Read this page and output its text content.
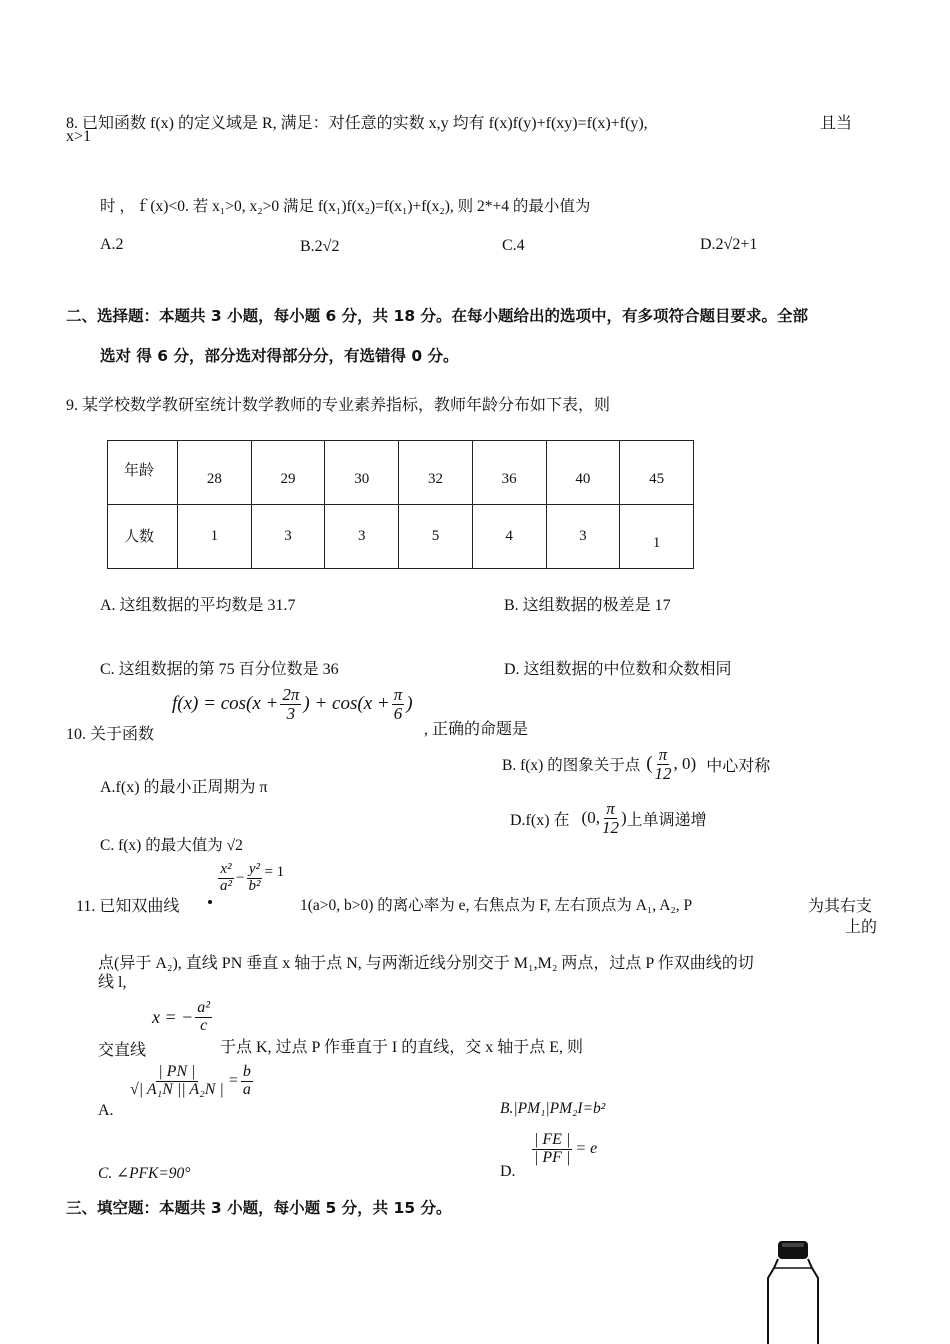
8. 已知函数 f(x) 的定义域是 R, 满足：对任意的实数 x,y 均有 f(x)f(y)+f(xy)=f(x)+f(y),	且当
x>1
时 ，ｆ(x)<0. 若 x₁>0, x₂>0 满足 f(x₁)f(x₂)=f(x₁)+f(x₂), 则 2*+4 的最小值为
A.2	B.2√2	C.4	D.2√2+1
二、选择题：本题共 3 小题，每小题 6 分，共 18 分。在每小题给出的选项中，有多项符合题目要求。全部
选对 得 6 分，部分选对得部分分，有选错得 0 分。
9. 某学校数学教研室统计数学教师的专业素养指标，教师年龄分布如下表，则
年龄	28	29	30	32	36	40	45
人数	1	3	3	5	4	3	1
A. 这组数据的平均数是 31.7	B. 这组数据的极差是 17
C. 这组数据的第 75 百分位数是 36	D. 这组数据的中位数和众数相同
10. 关于函数
$f(x) = \cos(x + \frac{2\pi}{3}$ ) + $\cos(x + \frac{\pi}{6}$ )
, 正确的命题是
A.f(x) 的最小正周期为 π
B. f(x) 的图象关于点 ( $\frac{\pi}{12}$ , 0) 中心对称
C. f(x) 的最大值为 √2
D.f(x) 在 (0, $\frac{\pi}{12}$ ) 上单调递增
11. 已知双曲线
$\frac{\text{x²}}{\text{a²}} - \frac{\text{y²}}{\text{b²}} = 1$
1(a>0, b>0) 的离心率为 e, 右焦点为 F, 左右顶点为 A₁, A₂, P	为其右支
上的
点(异于 A₂), 直线 PN 垂直 x 轴于点 N, 与两渐近线分别交于 M₁,M₂ 两点，过点 P 作双曲线的切
线 l,
交直线
x = − $\frac{\text{a²}}{c}$
于点 K, 过点 P 作垂直于 I 的直线，交 x 轴于点 E, 则
A.
$\frac{| PN |}{\text{√| A₁N || A₂N |}} = \frac{b}{a}$
B.|PM₁|PM₂I=b²
C. ∠PFK=90°	D.
$\frac{| FE |}{| PF |} = e$
三、填空题：本题共 3 小题，每小题 5 分，共 15 分。
